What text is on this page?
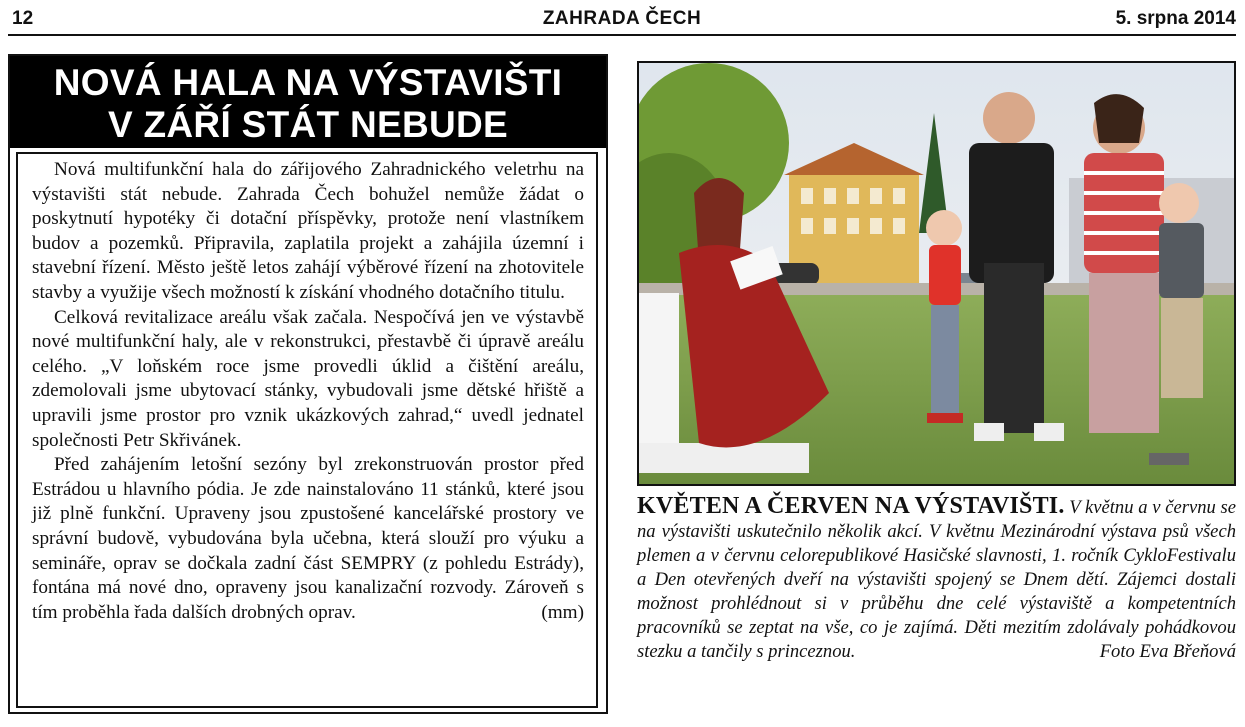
12	ZAHRADA ČECH	5. srpna 2014
NOVÁ HALA NA VÝSTAVIŠTI
V ZÁŘÍ STÁT NEBUDE

Nová multifunkční hala do zářijového Zahradnického veletrhu na výstavišti stát nebude. Zahrada Čech bohužel nemůže žádat o poskytnutí hypotéky či dotační příspěvky, protože není vlastníkem budov a pozemků. Připravila, zaplatila projekt a zahájila územní i stavební řízení. Město ještě letos zahájí výběrové řízení na zhotovitele stavby a využije všech možností k získání vhodného dotačního titulu.

Celková revitalizace areálu však začala. Nespočívá jen ve výstavbě nové multifunkční haly, ale v rekonstrukci, přestavbě či úpravě areálu celého. „V loňském roce jsme provedli úklid a čištění areálu, zdemolovali jsme ubytovací stánky, vybudovali jsme dětské hřiště a upravili jsme prostor pro vznik ukázkových zahrad,“ uvedl jednatel společnosti Petr Skřivánek.

Před zahájením letošní sezóny byl zrekonstruován prostor před Estrádou u hlavního pódia. Je zde nainstalováno 11 stánků, které jsou již plně funkční. Upraveny jsou zpustošené kancelářské prostory ve správní budově, vybudována byla učebna, která slouží pro výuku a semináře, oprav se dočkala zadní část SEMPRY (z pohledu Estrády), fontána má nové dno, opraveny jsou kanalizační rozvody. Zároveň s tím proběhla řada dalších drobných oprav.	(mm)

KVĚTEN A ČERVEN NA VÝSTAVIŠTI. V květnu a v červnu se na výstavišti uskutečnilo několik akcí. V květnu Mezinárodní výstava psů všech plemen a v červnu celorepublikové Hasičské slavnosti, 1. ročník CykloFestivalu a Den otevřených dveří na výstavišti spojený se Dnem dětí. Zájemci dostali možnost prohlédnout si v průběhu dne celé výstaviště a kompetentních pracovníků se zeptat na vše, co je zajímá. Děti mezitím zdolávaly pohádkovou stezku a tančily s princeznou.	Foto Eva Břeňová
